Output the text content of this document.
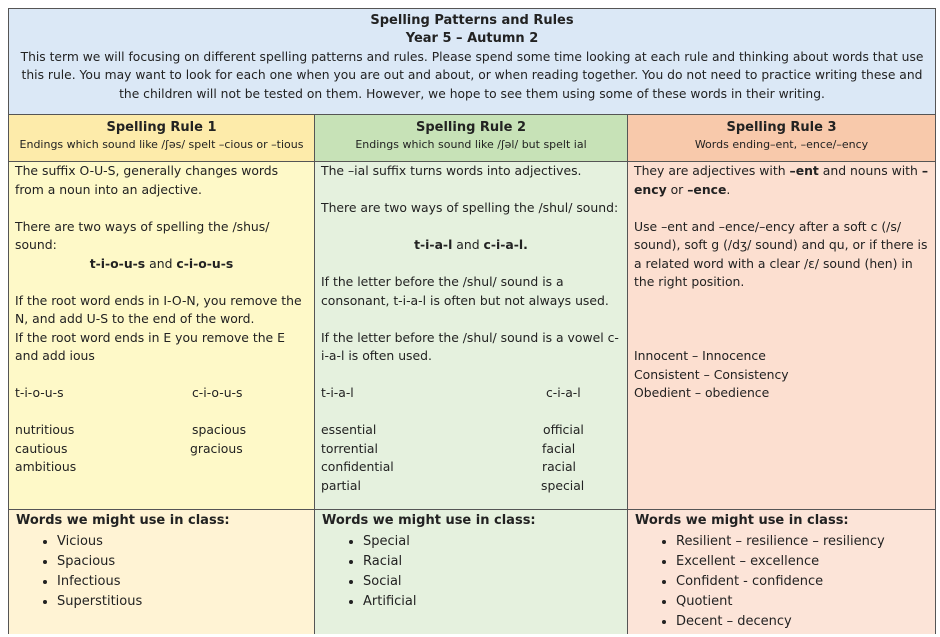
Spelling Patterns and Rules
Year 5 – Autumn 2
This term we will focusing on different spelling patterns and rules. Please spend some time looking at each rule and thinking about words that use this rule. You may want to look for each one when you are out and about, or when reading together. You do not need to practice writing these and the children will not be tested on them. However, we hope to see them using some of these words in their writing.
Spelling Rule 1
Endings which sound like /ʃəs/ spelt –cious or –tious
Spelling Rule 2
Endings which sound like /ʃəl/ but spelt ial
Spelling Rule 3
Words ending–ent, –ence/–ency

The suffix O-U-S, generally changes words from a noun into an adjective.

There are two ways of spelling the /shus/ sound:

t-i-o-u-s and c-i-o-u-s

If the root word ends in I-O-N, you remove the N, and add U-S to the end of the word.

If the root word ends in E you remove the E and add ious

t-i-o-u-s	c-i-o-u-s
nutritious	spacious
cautious	gracious
ambitious

The –ial suffix turns words into adjectives.

There are two ways of spelling the /shul/ sound:

t-i-a-l and c-i-a-l.

If the letter before the /shul/ sound is a consonant, t-i-a-l is often but not always used.

If the letter before the /shul/ sound is a vowel c-i-a-l is often used.

t-i-a-l	c-i-a-l
essential	official
torrential	facial
confidential	racial
partial	special

They are adjectives with –ent and nouns with –ency or –ence.

Use –ent and –ence/–ency after a soft c (/s/ sound), soft g (/dʒ/ sound) and qu, or if there is a related word with a clear /ɛ/ sound (hen) in the right position.

Innocent – Innocence

Consistent – Consistency

Obedient – obedience

Words we might use in class:

• Vicious
• Spacious
• Infectious
• Superstitious

Words we might use in class:

• Special
• Racial
• Social
• Artificial

Words we might use in class:

• Resilient – resilience – resiliency
• Excellent – excellence
• Confident - confidence
• Quotient
• Decent – decency
